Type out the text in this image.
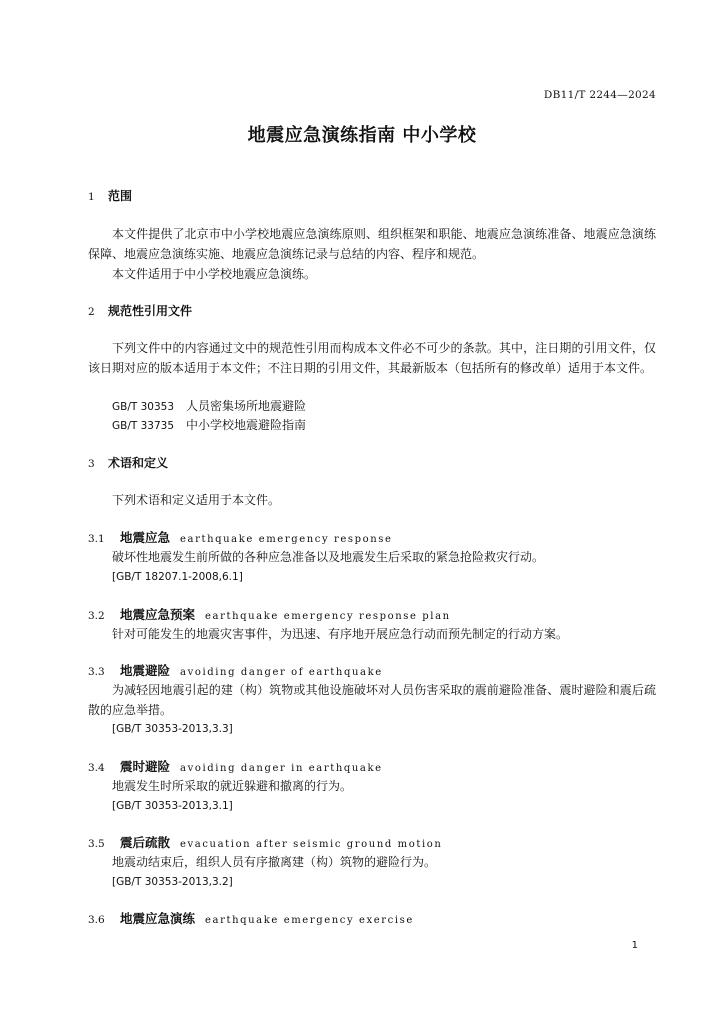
DB11/T 2244—2024
地震应急演练指南 中小学校
1 范围
本文件提供了北京市中小学校地震应急演练原则、组织框架和职能、地震应急演练准备、地震应急演练保障、地震应急演练实施、地震应急演练记录与总结的内容、程序和规范。
本文件适用于中小学校地震应急演练。
2 规范性引用文件
下列文件中的内容通过文中的规范性引用而构成本文件必不可少的条款。其中，注日期的引用文件，仅该日期对应的版本适用于本文件；不注日期的引用文件，其最新版本（包括所有的修改单）适用于本文件。
GB/T 30353 人员密集场所地震避险
GB/T 33735 中小学校地震避险指南
3 术语和定义
下列术语和定义适用于本文件。
3.1 地震应急 earthquake emergency response
破坏性地震发生前所做的各种应急准备以及地震发生后采取的紧急抢险救灾行动。
[GB/T 18207.1-2008,6.1]
3.2 地震应急预案 earthquake emergency response plan
针对可能发生的地震灾害事件，为迅速、有序地开展应急行动而预先制定的行动方案。
3.3 地震避险 avoiding danger of earthquake
为减轻因地震引起的建（构）筑物或其他设施破坏对人员伤害采取的震前避险准备、震时避险和震后疏散的应急举措。
[GB/T 30353-2013,3.3]
3.4 震时避险 avoiding danger in earthquake
地震发生时所采取的就近躲避和撤离的行为。
[GB/T 30353-2013,3.1]
3.5 震后疏散 evacuation after seismic ground motion
地震动结束后，组织人员有序撤离建（构）筑物的避险行为。
[GB/T 30353-2013,3.2]
3.6 地震应急演练 earthquake emergency exercise
1
